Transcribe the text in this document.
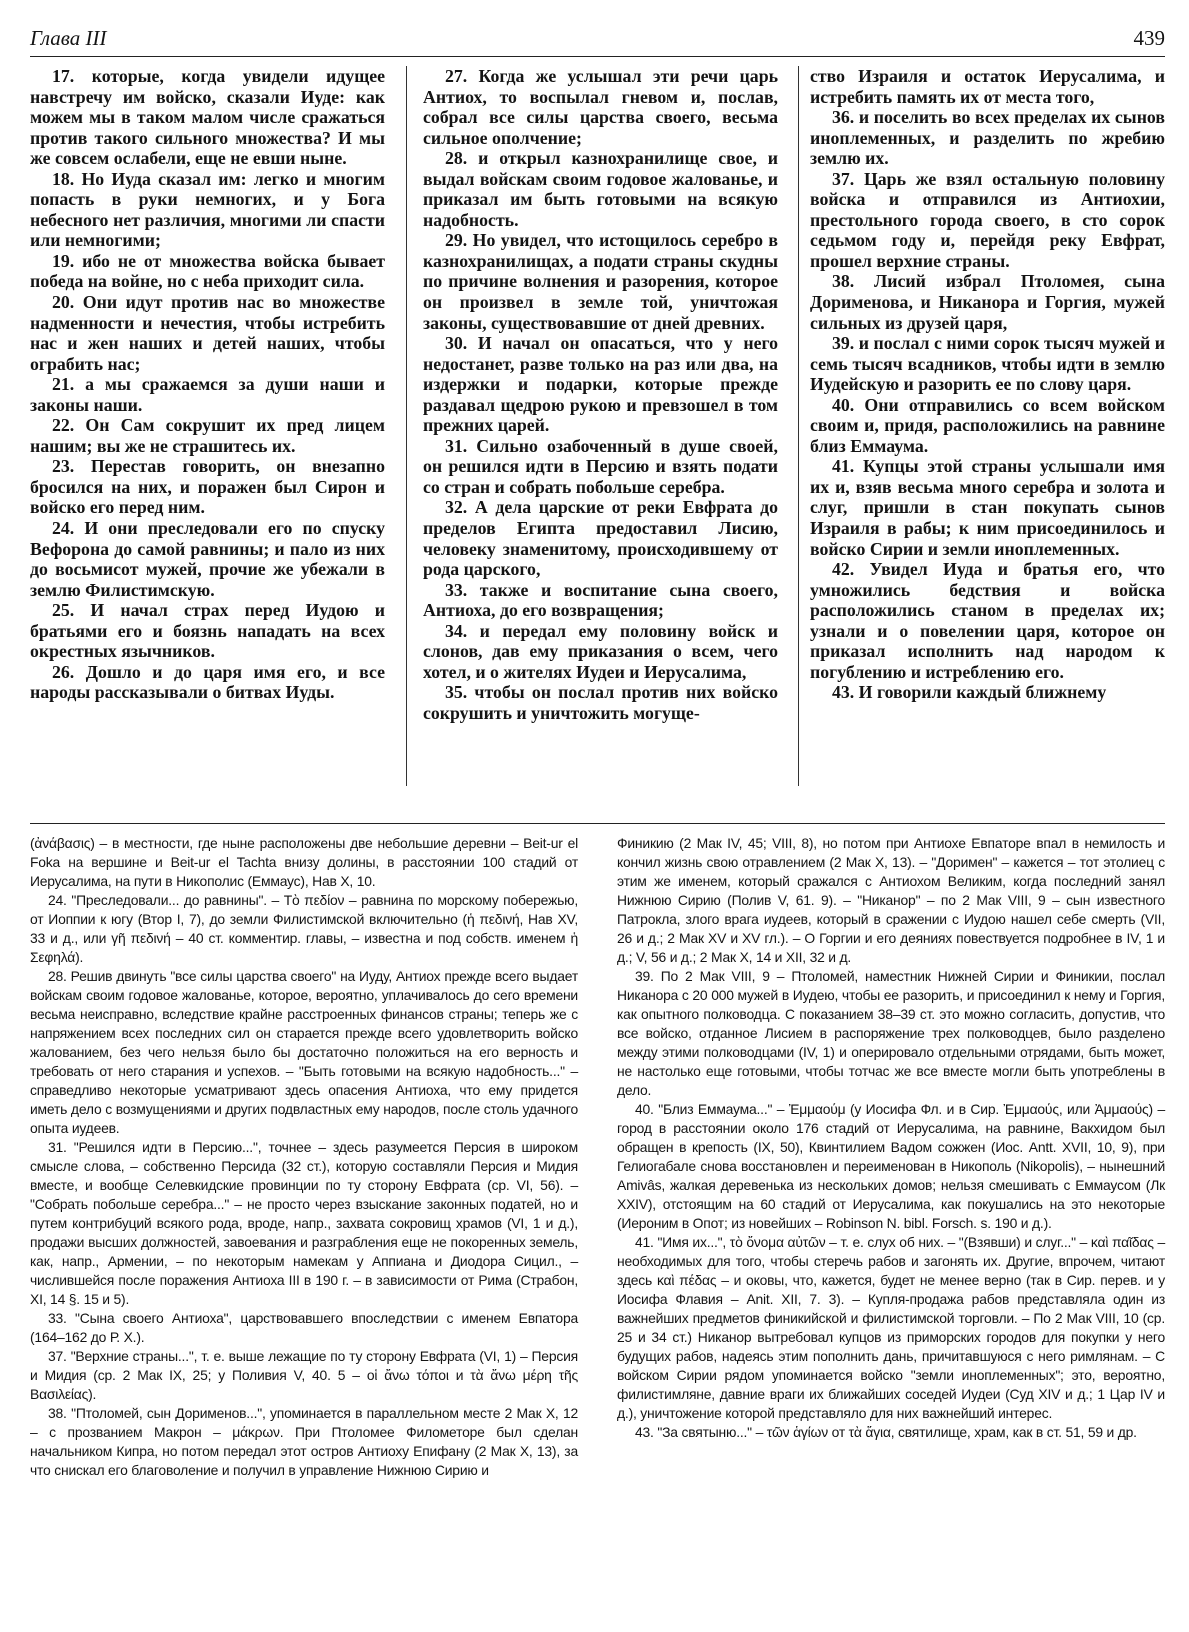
Глава III	439

17. которые, когда увидели идущее навстречу им войско, сказали Иуде: как можем мы в таком малом числе сражаться против такого сильного множества? И мы же совсем ослабели, еще не евши ныне.

18. Но Иуда сказал им: легко и многим попасть в руки немногих, и у Бога небесного нет различия, многими ли спасти или немногими;

19. ибо не от множества войска бывает победа на войне, но с неба приходит сила.

20. Они идут против нас во множестве надменности и нечестия, чтобы истребить нас и жен наших и детей наших, чтобы ограбить нас;

21. а мы сражаемся за души наши и законы наши.

22. Он Сам сокрушит их пред лицем нашим; вы же не страшитесь их.

23. Перестав говорить, он внезапно бросился на них, и поражен был Сирон и войско его перед ним.

24. И они преследовали его по спуску Вефорона до самой равнины; и пало из них до восьмисот мужей, прочие же убежали в землю Филистимскую.

25. И начал страх перед Иудою и братьями его и боязнь нападать на всех окрестных язычников.

26. Дошло и до царя имя его, и все народы рассказывали о битвах Иуды.

27. Когда же услышал эти речи царь Антиох, то воспылал гневом и, послав, собрал все силы царства своего, весьма сильное ополчение;

28. и открыл казнохранилище свое, и выдал войскам своим годовое жалованье, и приказал им быть готовыми на всякую надобность.

29. Но увидел, что истощилось серебро в казнохранилищах, а подати страны скудны по причине волнения и разорения, которое он произвел в земле той, уничтожая законы, существовавшие от дней древних.

30. И начал он опасаться, что у него недостанет, разве только на раз или два, на издержки и подарки, которые прежде раздавал щедрою рукою и превзошел в том прежних царей.

31. Сильно озабоченный в душе своей, он решился идти в Персию и взять подати со стран и собрать побольше серебра.

32. А дела царские от реки Евфрата до пределов Египта предоставил Лисию, человеку знаменитому, происходившему от рода царского,

33. также и воспитание сына своего, Антиоха, до его возвращения;

34. и передал ему половину войск и слонов, дав ему приказания о всем, чего хотел, и о жителях Иудеи и Иерусалима,

35. чтобы он послал против них войско сокрушить и уничтожить могуще-

ство Израиля и остаток Иерусалима, и истребить память их от места того,

36. и поселить во всех пределах их сынов иноплеменных, и разделить по жребию землю их.

37. Царь же взял остальную половину войска и отправился из Антиохии, престольного города своего, в сто сорок седьмом году и, перейдя реку Евфрат, прошел верхние страны.

38. Лисий избрал Птоломея, сына Дорименова, и Никанора и Горгия, мужей сильных из друзей царя,

39. и послал с ними сорок тысяч мужей и семь тысяч всадников, чтобы идти в землю Иудейскую и разорить ее по слову царя.

40. Они отправились со всем войском своим и, придя, расположились на равнине близ Еммаума.

41. Купцы этой страны услышали имя их и, взяв весьма много серебра и золота и слуг, пришли в стан покупать сынов Израиля в рабы; к ним присоединилось и войско Сирии и земли иноплеменных.

42. Увидел Иуда и братья его, что умножились бедствия и войска расположились станом в пределах их; узнали и о повелении царя, которое он приказал исполнить над народом к погублению и истреблению его.

43. И говорили каждый ближнему

(ἀνάβασις) – в местности, где ныне расположены две небольшие деревни – Beit-ur el Foka на вершине и Beit-ur el Tachta внизу долины, в расстоянии 100 стадий от Иерусалима, на пути в Никополис (Еммаус), Нав X, 10.

24. "Преследовали... до равнины". – Τὸ πεδίον – равнина по морскому побережью, от Иоппии к югу (Втор I, 7), до земли Филистимской включительно (ἡ πεδινή, Нав XV, 33 и д., или γῆ πεδινή – 40 ст. комментир. главы, – известна и под собств. именем ἡ Σεφηλά).

28. Решив двинуть "все силы царства своего" на Иуду, Антиох прежде всего выдает войскам своим годовое жалованье, которое, вероятно, уплачивалось до сего времени весьма неисправно, вследствие крайне расстроенных финансов страны; теперь же с напряжением всех последних сил он старается прежде всего удовлетворить войско жалованием, без чего нельзя было бы достаточно положиться на его верность и требовать от него старания и успехов. – "Быть готовыми на всякую надобность..." – справедливо некоторые усматривают здесь опасения Антиоха, что ему придется иметь дело с возмущениями и других подвластных ему народов, после столь удачного опыта иудеев.

31. "Решился идти в Персию...", точнее – здесь разумеется Персия в широком смысле слова, – собственно Персида (32 ст.), которую составляли Персия и Мидия вместе, и вообще Селевкидские провинции по ту сторону Евфрата (ср. VI, 56). – "Собрать побольше серебра..." – не просто через взыскание законных податей, но и путем контрибуций всякого рода, вроде, напр., захвата сокровищ храмов (VI, 1 и д.), продажи высших должностей, завоевания и разграбления еще не покоренных земель, как, напр., Армении, – по некоторым намекам у Аппиана и Диодора Сицил., – числившейся после поражения Антиоха III в 190 г. – в зависимости от Рима (Страбон, XI, 14 §. 15 и 5).

33. "Сына своего Антиоха", царствовавшего впоследствии с именем Евпатора (164–162 до Р. X.).

37. "Верхние страны...", т. е. выше лежащие по ту сторону Евфрата (VI, 1) – Персия и Мидия (ср. 2 Мак IX, 25; у Поливия V, 40. 5 – οἱ ἄνω τόποι и τὰ ἄνω μέρη τῆς Βασιλείας).

38. "Птоломей, сын Дорименов...", упоминается в параллельном месте 2 Мак X, 12 – с прозванием Макрон – μάκρων. При Птоломее Филометоре был сделан начальником Кипра, но потом передал этот остров Антиоху Епифану (2 Мак X, 13), за что снискал его благоволение и получил в управление Нижнюю Сирию и

Финикию (2 Мак IV, 45; VIII, 8), но потом при Антиохе Евпаторе впал в немилость и кончил жизнь свою отравлением (2 Мак X, 13). – "Доримен" – кажется – тот этолиец с этим же именем, который сражался с Антиохом Великим, когда последний занял Нижнюю Сирию (Полив V, 61. 9). – "Никанор" – по 2 Мак VIII, 9 – сын известного Патрокла, злого врага иудеев, который в сражении с Иудою нашел себе смерть (VII, 26 и д.; 2 Мак XV и XV гл.). – О Горгии и его деяниях повествуется подробнее в IV, 1 и д.; V, 56 и д.; 2 Мак X, 14 и XII, 32 и д.

39. По 2 Мак VIII, 9 – Птоломей, наместник Нижней Сирии и Финикии, послал Никанора с 20 000 мужей в Иудею, чтобы ее разорить, и присоединил к нему и Горгия, как опытного полководца. С показанием 38–39 ст. это можно согласить, допустив, что все войско, отданное Лисием в распоряжение трех полководцев, было разделено между этими полководцами (IV, 1) и оперировало отдельными отрядами, быть может, не настолько еще готовыми, чтобы тотчас же все вместе могли быть употреблены в дело.

40. "Близ Еммаума..." – Ἐμμαούμ (у Иосифа Фл. и в Сир. Ἐμμαούς, или Ἀμμαούς) – город в расстоянии около 176 стадий от Иерусалима, на равнине, Вакхидом был обращен в крепость (IX, 50), Квинтилием Вадом сожжен (Иос. Antt. XVII, 10, 9), при Гелиогабале снова восстановлен и переименован в Никополь (Nikopolis), – нынешний Amivâs, жалкая деревенька из нескольких домов; нельзя смешивать с Еммаусом (Лк XXIV), отстоящим на 60 стадий от Иерусалима, как покушались на это некоторые (Иероним в Опот; из новейших – Robinson N. bibl. Forsch. s. 190 и д.).

41. "Имя их...", τὸ ὄνομα αὐτῶν – т. е. слух об них. – "(Взявши) и слуг..." – καὶ παῖδας – необходимых для того, чтобы стеречь рабов и загонять их. Другие, впрочем, читают здесь καὶ πέδας – и оковы, что, кажется, будет не менее верно (так в Сир. перев. и у Иосифа Флавия – Anit. XII, 7. 3). – Купля-продажа рабов представляла один из важнейших предметов финикийской и филистимской торговли. – По 2 Мак VIII, 10 (ср. 25 и 34 ст.) Никанор вытребовал купцов из приморских городов для покупки у него будущих рабов, надеясь этим пополнить дань, причитавшуюся с него римлянам. – С войском Сирии рядом упоминается войско "земли иноплеменных"; это, вероятно, филистимляне, давние враги их ближайших соседей Иудеи (Суд XIV и д.; 1 Цар IV и д.), уничтожение которой представляло для них важнейший интерес.

43. "За святыню..." – τῶν ἁγίων от τὰ ἅγια, святилище, храм, как в ст. 51, 59 и др.
